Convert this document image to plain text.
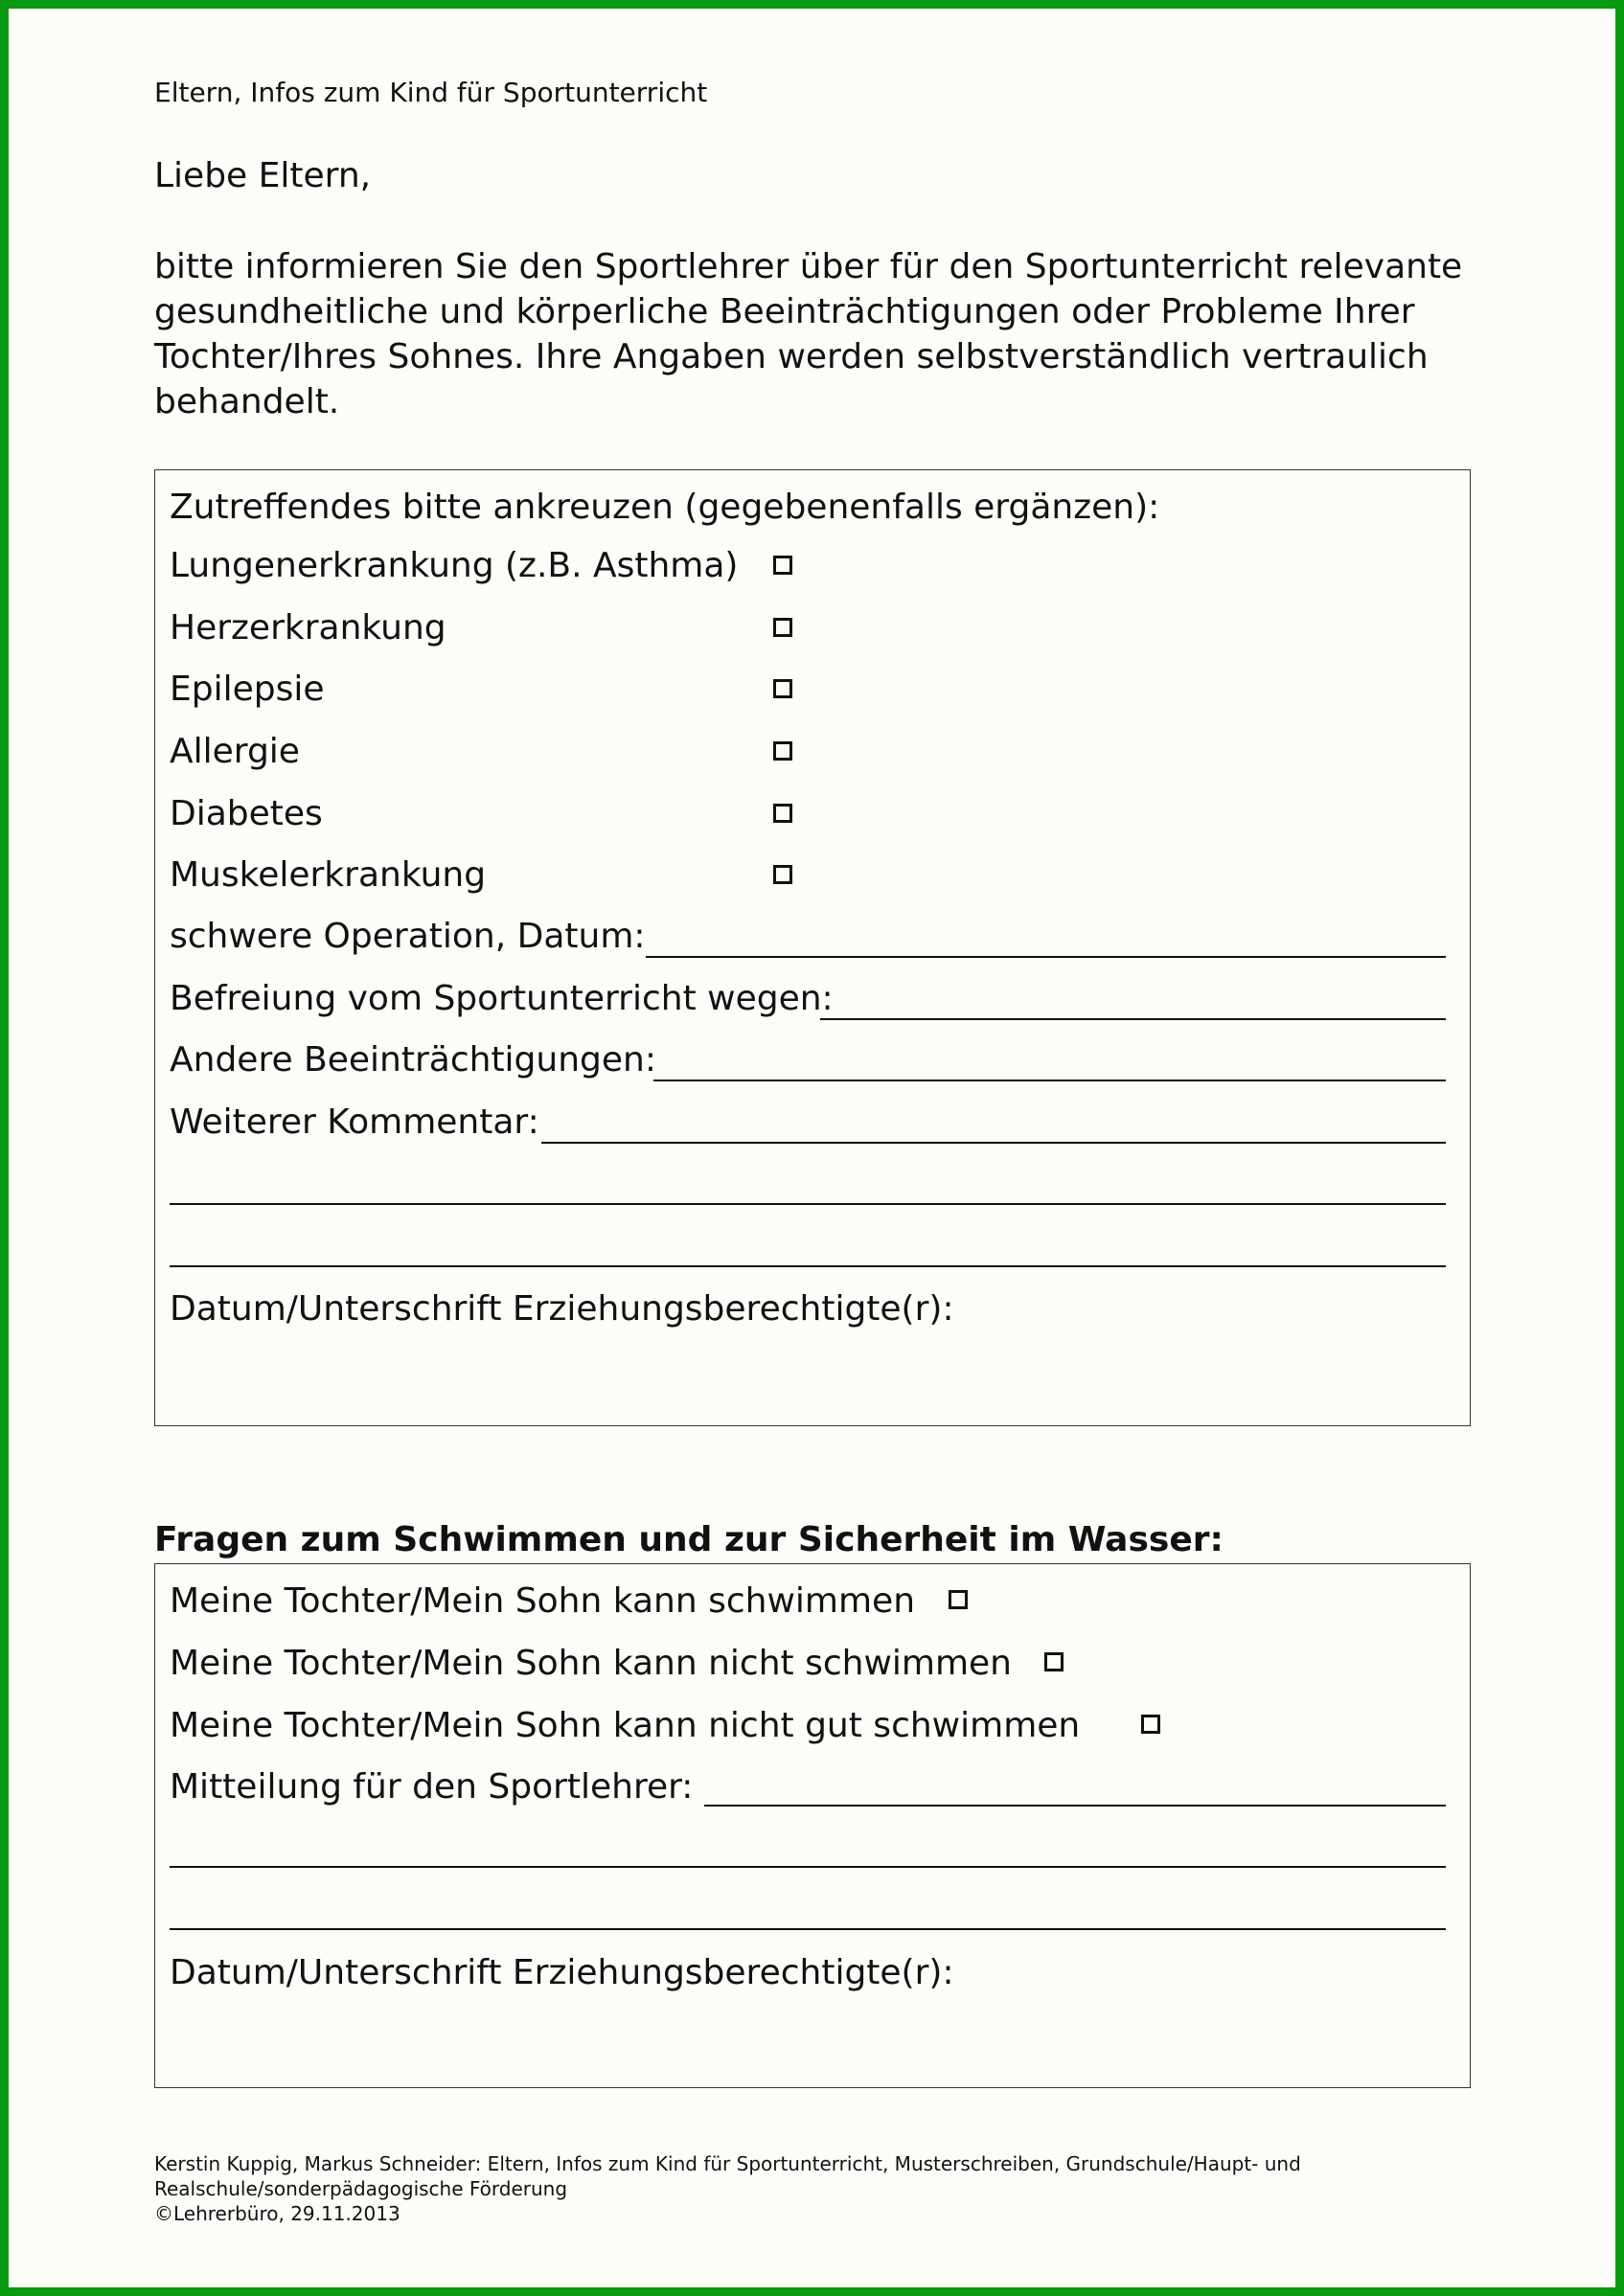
Eltern, Infos zum Kind für Sportunterricht
Liebe Eltern,
bitte informieren Sie den Sportlehrer über für den Sportunterricht relevante
gesundheitliche und körperliche Beeinträchtigungen oder Probleme Ihrer
Tochter/Ihres Sohnes. Ihre Angaben werden selbstverständlich vertraulich
behandelt.
Zutreffendes bitte ankreuzen (gegebenenfalls ergänzen):
Lungenerkrankung (z.B. Asthma)
Herzerkrankung
Epilepsie
Allergie
Diabetes
Muskelerkrankung
schwere Operation, Datum:
Befreiung vom Sportunterricht wegen:
Andere Beeinträchtigungen:
Weiterer Kommentar:
Datum/Unterschrift Erziehungsberechtigte(r):
Fragen zum Schwimmen und zur Sicherheit im Wasser:
Meine Tochter/Mein Sohn kann schwimmen
Meine Tochter/Mein Sohn kann nicht schwimmen
Meine Tochter/Mein Sohn kann nicht gut schwimmen
Mitteilung für den Sportlehrer:
Datum/Unterschrift Erziehungsberechtigte(r):
Kerstin Kuppig, Markus Schneider: Eltern, Infos zum Kind für Sportunterricht, Musterschreiben, Grundschule/Haupt- und
Realschule/sonderpädagogische Förderung
©Lehrerbüro, 29.11.2013
